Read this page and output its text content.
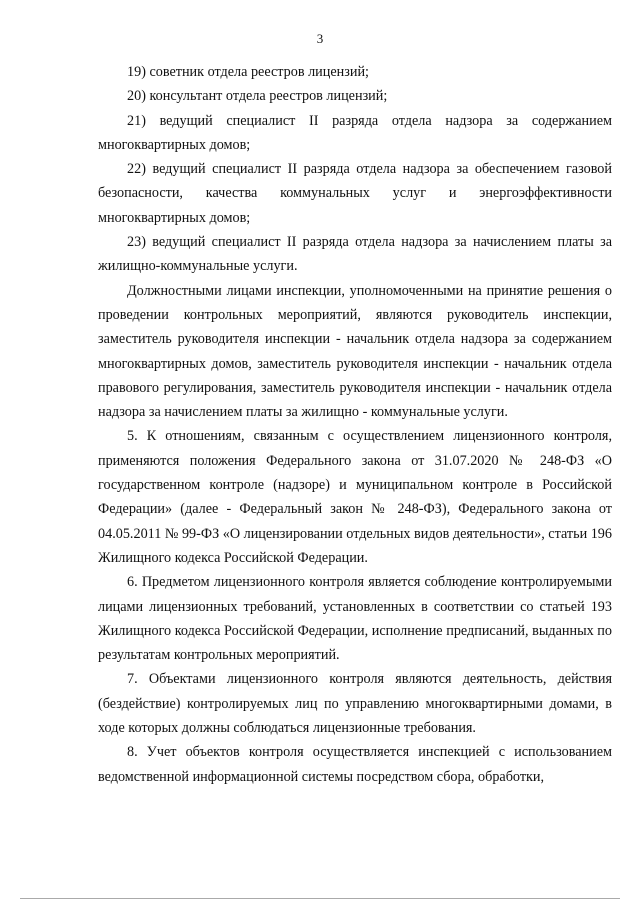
3

19) советник отдела реестров лицензий;

20) консультант отдела реестров лицензий;

21) ведущий специалист II разряда отдела надзора за содержанием многоквартирных домов;

22) ведущий специалист II разряда отдела надзора за обеспечением газовой безопасности, качества коммунальных услуг и энергоэффективности многоквартирных домов;

23) ведущий специалист II разряда отдела надзора за начислением платы за жилищно-коммунальные услуги.

Должностными лицами инспекции, уполномоченными на принятие решения о проведении контрольных мероприятий, являются руководитель инспекции, заместитель руководителя инспекции - начальник отдела надзора за содержанием многоквартирных домов, заместитель руководителя инспекции - начальник отдела правового регулирования, заместитель руководителя инспекции - начальник отдела надзора за начислением платы за жилищно - коммунальные услуги.

5. К отношениям, связанным с осуществлением лицензионного контроля, применяются положения Федерального закона от 31.07.2020 № 248-ФЗ «О государственном контроле (надзоре) и муниципальном контроле в Российской Федерации» (далее - Федеральный закон № 248-ФЗ), Федерального закона от 04.05.2011 № 99-ФЗ «О лицензировании отдельных видов деятельности», статьи 196 Жилищного кодекса Российской Федерации.

6. Предметом лицензионного контроля является соблюдение контролируемыми лицами лицензионных требований, установленных в соответствии со статьей 193 Жилищного кодекса Российской Федерации, исполнение предписаний, выданных по результатам контрольных мероприятий.

7. Объектами лицензионного контроля являются деятельность, действия (бездействие) контролируемых лиц по управлению многоквартирными домами, в ходе которых должны соблюдаться лицензионные требования.

8. Учет объектов контроля осуществляется инспекцией с использованием ведомственной информационной системы посредством сбора, обработки,
